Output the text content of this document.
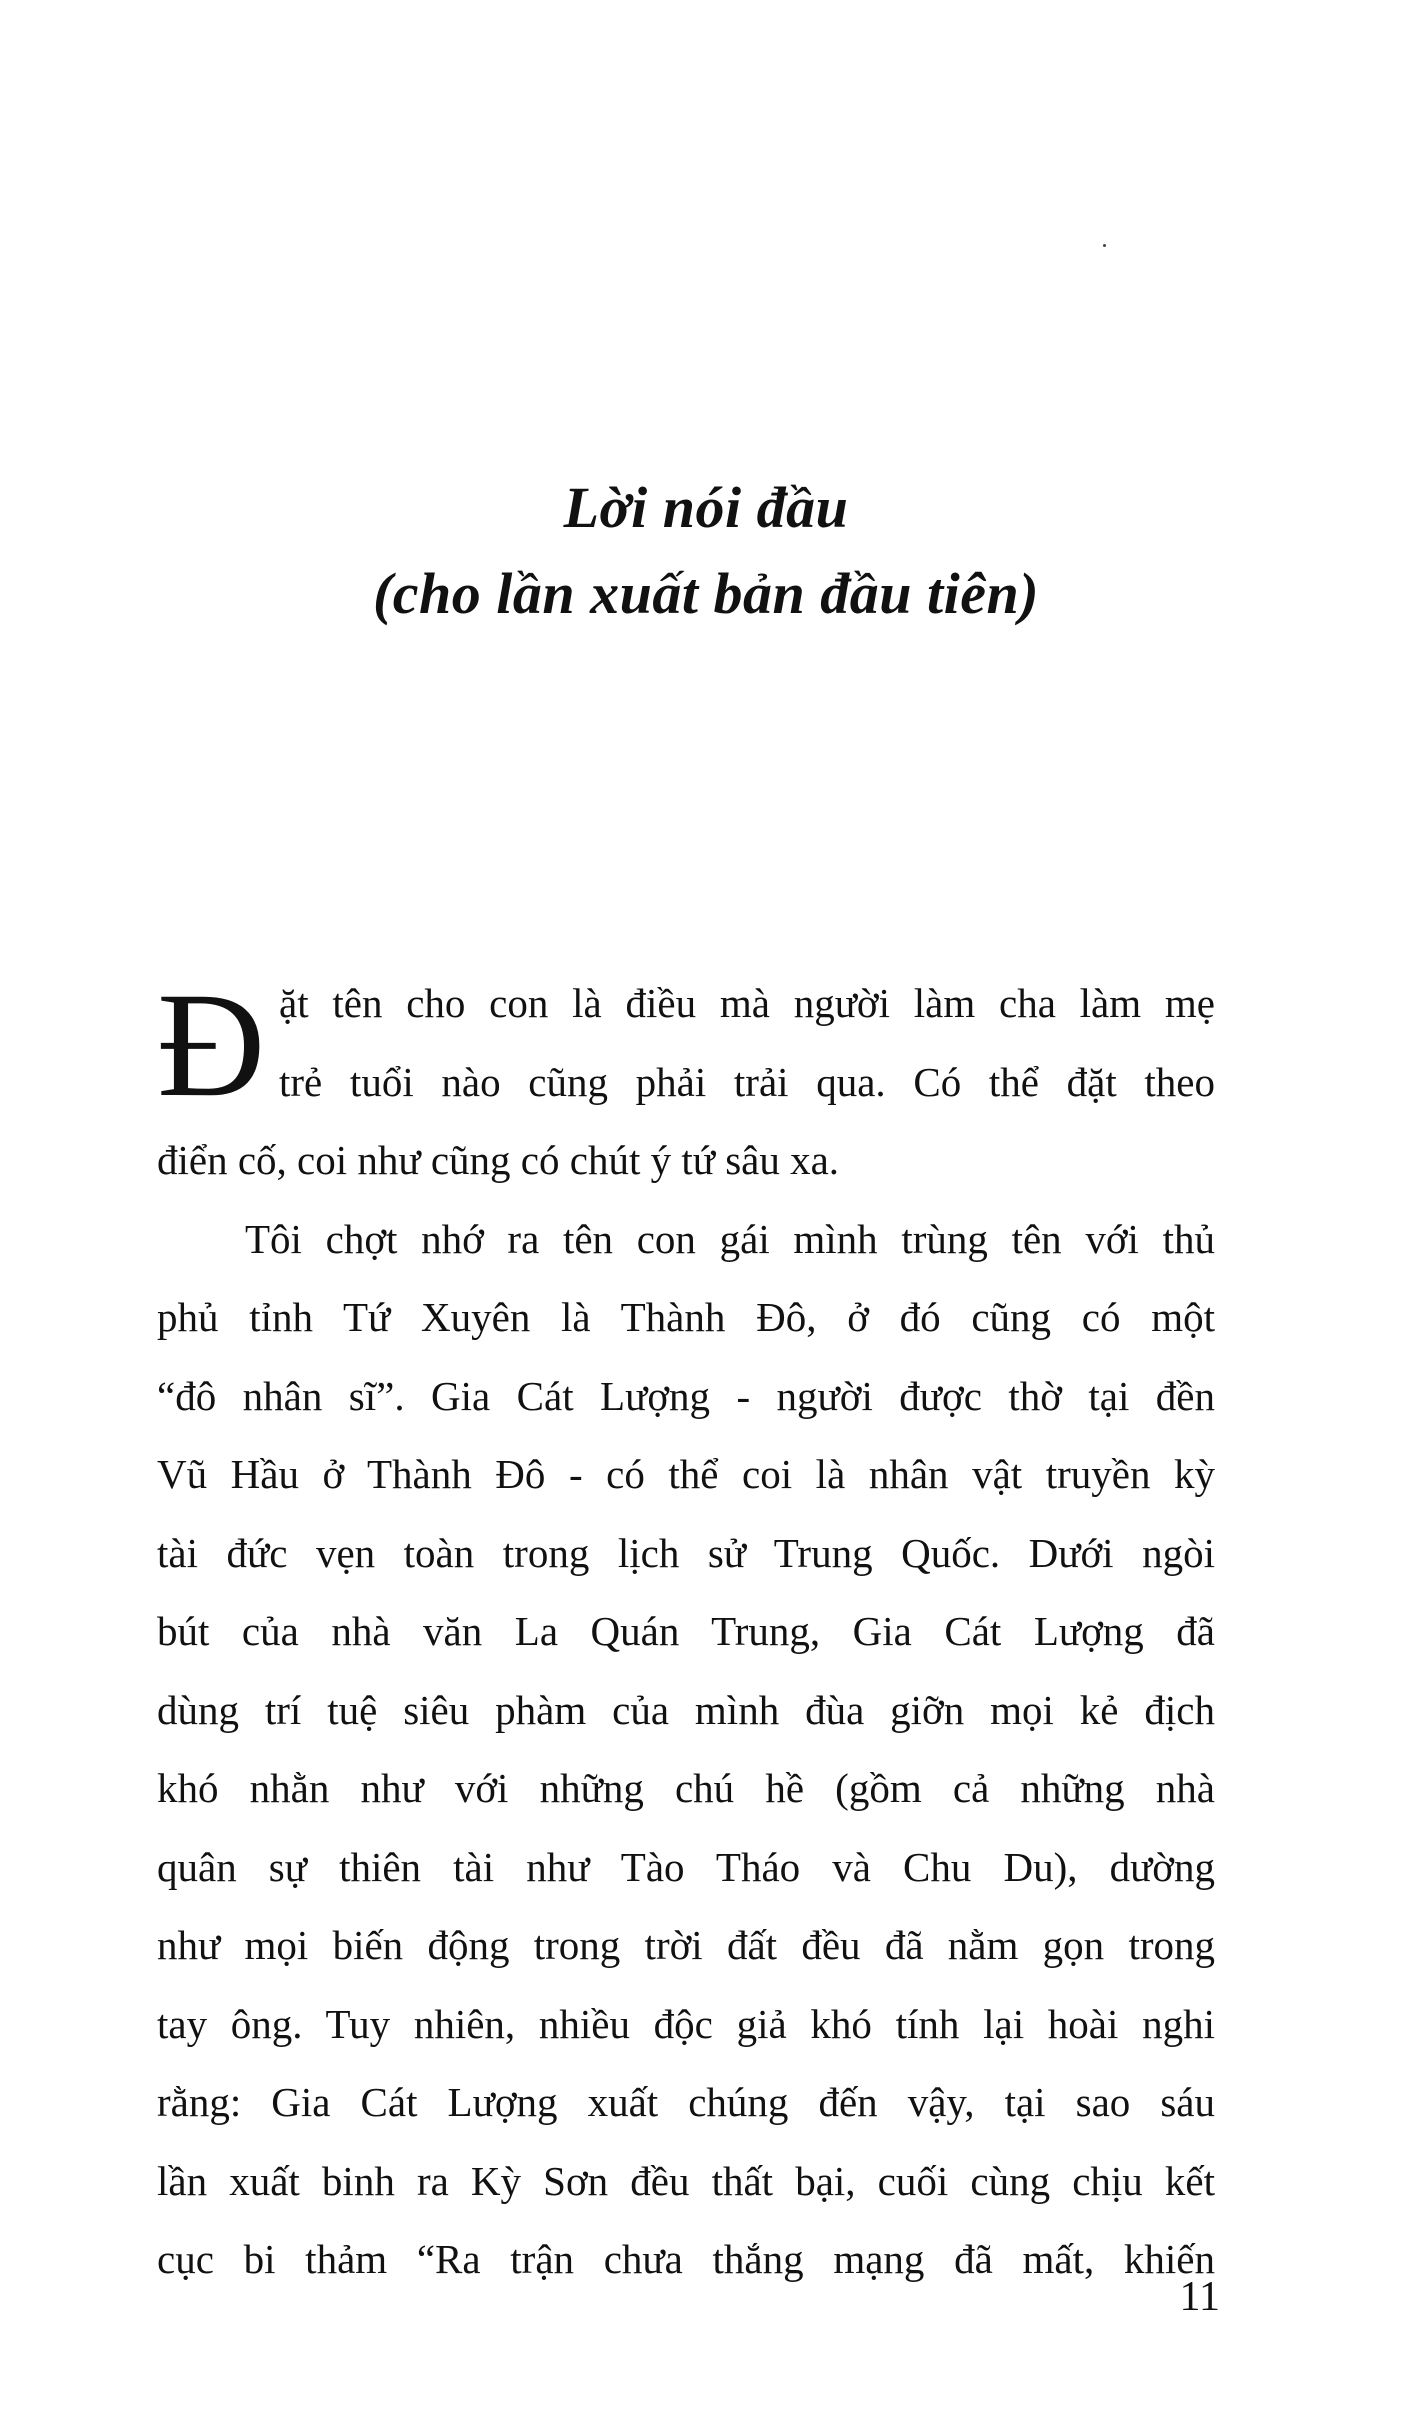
Lời nói đầu
(cho lần xuất bản đầu tiên)
Đ ặt tên cho con là điều mà người làm cha làm mẹ
trẻ tuổi nào cũng phải trải qua. Có thể đặt theo
điển cố, coi như cũng có chút ý tứ sâu xa.
Tôi chợt nhớ ra tên con gái mình trùng tên với thủ
phủ tỉnh Tứ Xuyên là Thành Đô, ở đó cũng có một
“đô nhân sĩ”. Gia Cát Lượng - người được thờ tại đền
Vũ Hầu ở Thành Đô - có thể coi là nhân vật truyền kỳ
tài đức vẹn toàn trong lịch sử Trung Quốc. Dưới ngòi
bút của nhà văn La Quán Trung, Gia Cát Lượng đã
dùng trí tuệ siêu phàm của mình đùa giỡn mọi kẻ địch
khó nhằn như với những chú hề (gồm cả những nhà
quân sự thiên tài như Tào Tháo và Chu Du), dường
như mọi biến động trong trời đất đều đã nằm gọn trong
tay ông. Tuy nhiên, nhiều độc giả khó tính lại hoài nghi
rằng: Gia Cát Lượng xuất chúng đến vậy, tại sao sáu
lần xuất binh ra Kỳ Sơn đều thất bại, cuối cùng chịu kết
cục bi thảm “Ra trận chưa thắng mạng đã mất, khiến
11
